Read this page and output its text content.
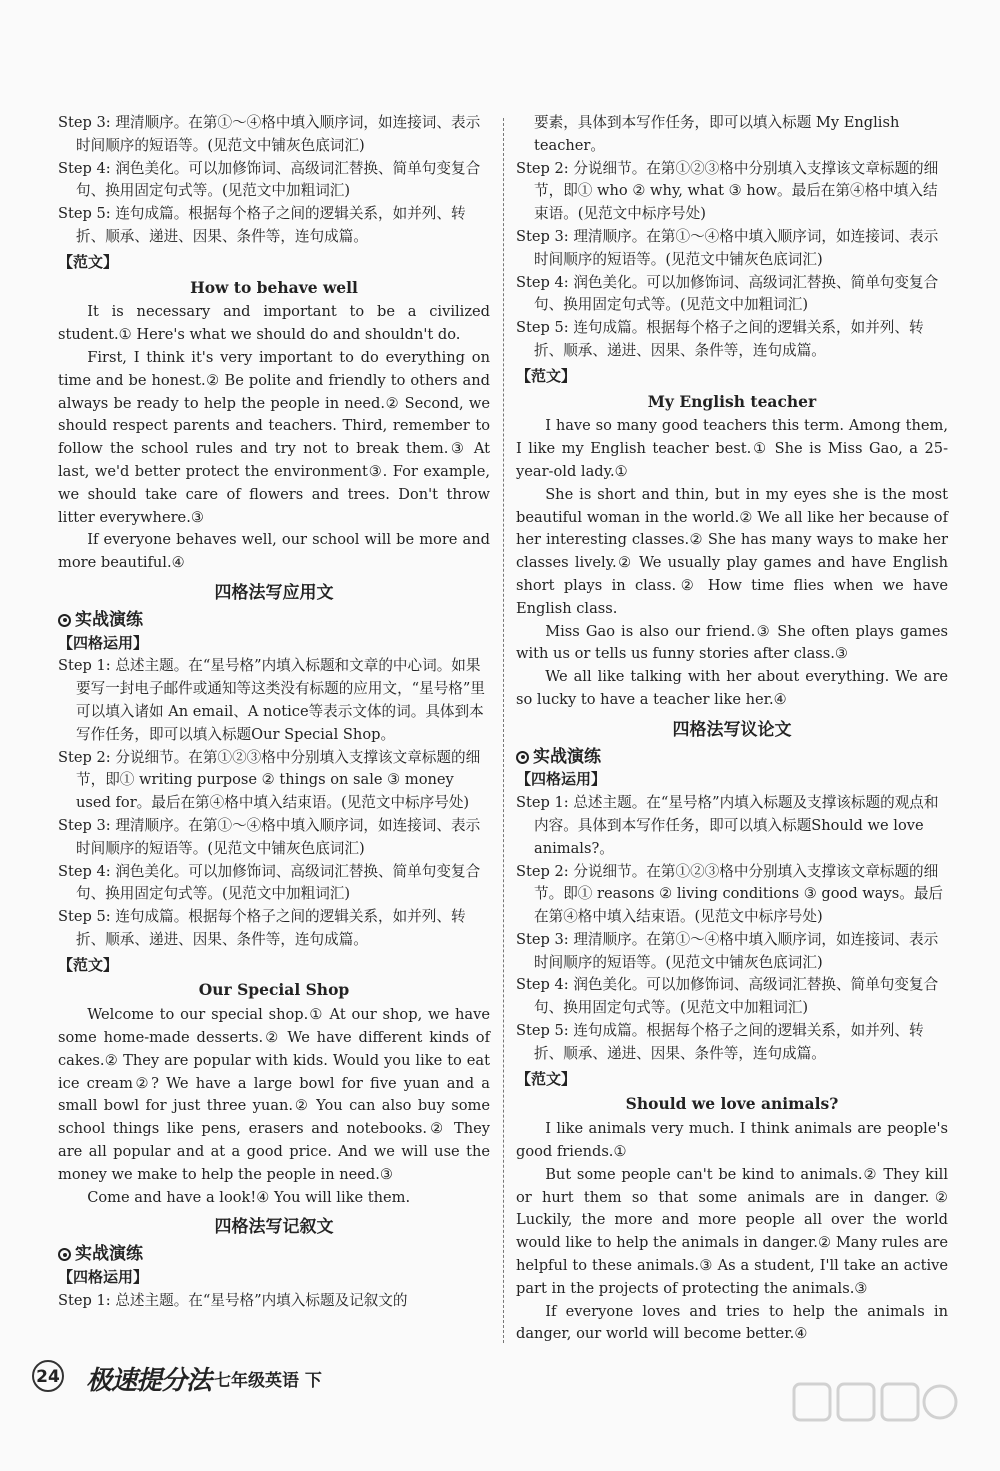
Step 3: 理清顺序。在第①～④格中填入顺序词，如连接词、表示时间顺序的短语等。(见范文中铺灰色底词汇)

Step 4: 润色美化。可以加修饰词、高级词汇替换、简单句变复合句、换用固定句式等。(见范文中加粗词汇)

Step 5: 连句成篇。根据每个格子之间的逻辑关系，如并列、转折、顺承、递进、因果、条件等，连句成篇。

【范文】

How to behave well

It is necessary and important to be a civilized student.① Here's what we should do and shouldn't do.

First, I think it's very important to do everything on time and be honest.② Be polite and friendly to others and always be ready to help the people in need.② Second, we should respect parents and teachers. Third, remember to follow the school rules and try not to break them.③ At last, we'd better protect the environment③. For example, we should take care of flowers and trees. Don't throw litter everywhere.③

If everyone behaves well, our school will be more and more beautiful.④

四格法写应用文

实战演练

【四格运用】

Step 1: 总述主题。在“星号格”内填入标题和文章的中心词。如果要写一封电子邮件或通知等这类没有标题的应用文，“星号格”里可以填入诸如 An email、A notice等表示文体的词。具体到本写作任务，即可以填入标题Our Special Shop。

Step 2: 分说细节。在第①②③格中分别填入支撑该文章标题的细节，即① writing purpose ② things on sale ③ money used for。最后在第④格中填入结束语。(见范文中标序号处)

Step 3: 理清顺序。在第①～④格中填入顺序词，如连接词、表示时间顺序的短语等。(见范文中铺灰色底词汇)

Step 4: 润色美化。可以加修饰词、高级词汇替换、简单句变复合句、换用固定句式等。(见范文中加粗词汇)

Step 5: 连句成篇。根据每个格子之间的逻辑关系，如并列、转折、顺承、递进、因果、条件等，连句成篇。

【范文】

Our Special Shop

Welcome to our special shop.① At our shop, we have some home-made desserts.② We have different kinds of cakes.② They are popular with kids. Would you like to eat ice cream②? We have a large bowl for five yuan and a small bowl for just three yuan.② You can also buy some school things like pens, erasers and notebooks.② They are all popular and at a good price. And we will use the money we make to help the people in need.③

Come and have a look!④ You will like them.

四格法写记叙文

实战演练

【四格运用】

Step 1: 总述主题。在“星号格”内填入标题及记叙文的

要素，具体到本写作任务，即可以填入标题 My English teacher。

Step 2: 分说细节。在第①②③格中分别填入支撑该文章标题的细节，即① who ② why, what ③ how。最后在第④格中填入结束语。(见范文中标序号处)

Step 3: 理清顺序。在第①～④格中填入顺序词，如连接词、表示时间顺序的短语等。(见范文中铺灰色底词汇)

Step 4: 润色美化。可以加修饰词、高级词汇替换、简单句变复合句、换用固定句式等。(见范文中加粗词汇)

Step 5: 连句成篇。根据每个格子之间的逻辑关系，如并列、转折、顺承、递进、因果、条件等，连句成篇。

【范文】

My English teacher

I have so many good teachers this term. Among them, I like my English teacher best.① She is Miss Gao, a 25-year-old lady.①

She is short and thin, but in my eyes she is the most beautiful woman in the world.② We all like her because of her interesting classes.② She has many ways to make her classes lively.② We usually play games and have English short plays in class.② How time flies when we have English class.

Miss Gao is also our friend.③ She often plays games with us or tells us funny stories after class.③

We all like talking with her about everything. We are so lucky to have a teacher like her.④

四格法写议论文

实战演练

【四格运用】

Step 1: 总述主题。在“星号格”内填入标题及支撑该标题的观点和内容。具体到本写作任务，即可以填入标题Should we love animals?。

Step 2: 分说细节。在第①②③格中分别填入支撑该文章标题的细节。即① reasons ② living conditions ③ good ways。最后在第④格中填入结束语。(见范文中标序号处)

Step 3: 理清顺序。在第①～④格中填入顺序词，如连接词、表示时间顺序的短语等。(见范文中铺灰色底词汇)

Step 4: 润色美化。可以加修饰词、高级词汇替换、简单句变复合句、换用固定句式等。(见范文中加粗词汇)

Step 5: 连句成篇。根据每个格子之间的逻辑关系，如并列、转折、顺承、递进、因果、条件等，连句成篇。

【范文】

Should we love animals?

I like animals very much. I think animals are people's good friends.①

But some people can't be kind to animals.② They kill or hurt them so that some animals are in danger.② Luckily, the more and more people all over the world would like to help the animals in danger.② Many rules are helpful to these animals.③ As a student, I'll take an active part in the projects of protecting the animals.③

If everyone loves and tries to help the animals in danger, our world will become better.④

24 极速提分法 七年级英语 下
